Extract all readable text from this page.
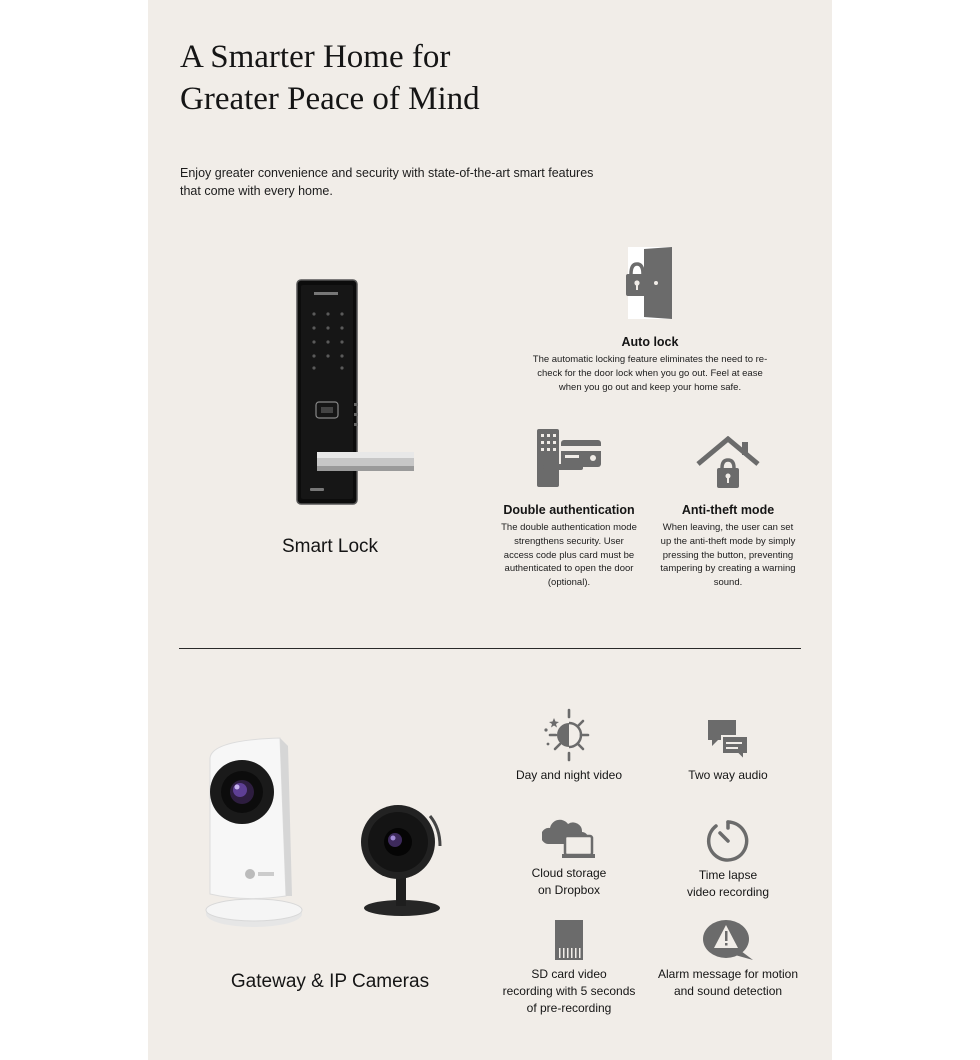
A Smarter Home for
Greater Peace of Mind
Enjoy greater convenience and security with state-of-the-art smart features that come with every home.
Smart Lock
Auto lock

The automatic locking feature eliminates the need to re-check for the door lock when you go out. Feel at ease when you go out and keep your home safe.

Double authentication

The double authentication mode strengthens security. User access code plus card must be authenticated to open the door (optional).

Anti-theft mode

When leaving, the user can set up the anti-theft mode by simply pressing the button, preventing tampering by creating a warning sound.

Gateway & IP Cameras

Day and night video	Two way audio

Cloud storage
on Dropbox

Time lapse
video recording

SD card video
recording with 5 seconds
of pre-recording

Alarm message for motion
and sound detection
